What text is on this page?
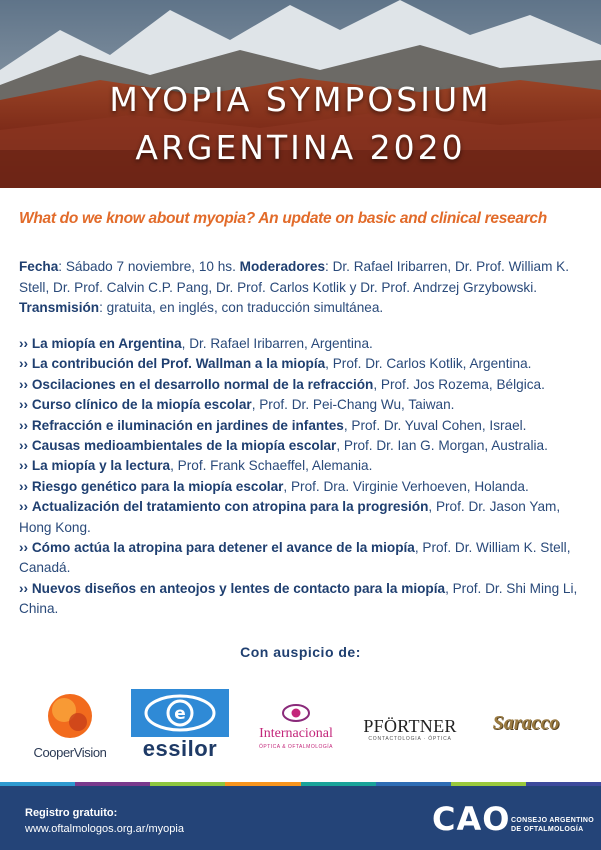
MYOPIA SYMPOSIUM
ARGENTINA 2020
What do we know about myopia? An update on basic and clinical research
Fecha: Sábado 7 noviembre, 10 hs. Moderadores: Dr. Rafael Iribarren, Dr. Prof. William K. Stell, Dr. Prof. Calvin C.P. Pang, Dr. Prof. Carlos Kotlik y Dr. Prof. Andrzej Grzybowski. Transmisión: gratuita, en inglés, con traducción simultánea.
›› La miopía en Argentina, Dr. Rafael Iribarren, Argentina.
›› La contribución del Prof. Wallman a la miopía, Prof. Dr. Carlos Kotlik, Argentina.
›› Oscilaciones en el desarrollo normal de la refracción, Prof. Jos Rozema, Bélgica.
›› Curso clínico de la miopía escolar, Prof. Dr. Pei-Chang Wu, Taiwan.
›› Refracción e iluminación en jardines de infantes, Prof. Dr. Yuval Cohen, Israel.
›› Causas medioambientales de la miopía escolar, Prof. Dr. Ian G. Morgan, Australia.
›› La miopía y la lectura, Prof. Frank Schaeffel, Alemania.
›› Riesgo genético para la miopía escolar, Prof. Dra. Virginie Verhoeven, Holanda.
›› Actualización del tratamiento con atropina para la progresión, Prof. Dr. Jason Yam, Hong Kong.
›› Cómo actúa la atropina para detener el avance de la miopía, Prof. Dr. William K. Stell, Canadá.
›› Nuevos diseños en anteojos y lentes de contacto para la miopía, Prof. Dr. Shi Ming Li, China.
Con auspicio de:
CooperVision
e
essilor
Internacional
ÓPTICA & OFTALMOLOGÍA
PFÖRTNER
CONTACTOLOGIA · ÓPTICA
Saracco
Registro gratuito:
www.oftalmologos.org.ar/myopia	CAO CONSEJO ARGENTINO
DE OFTALMOLOGÍA
